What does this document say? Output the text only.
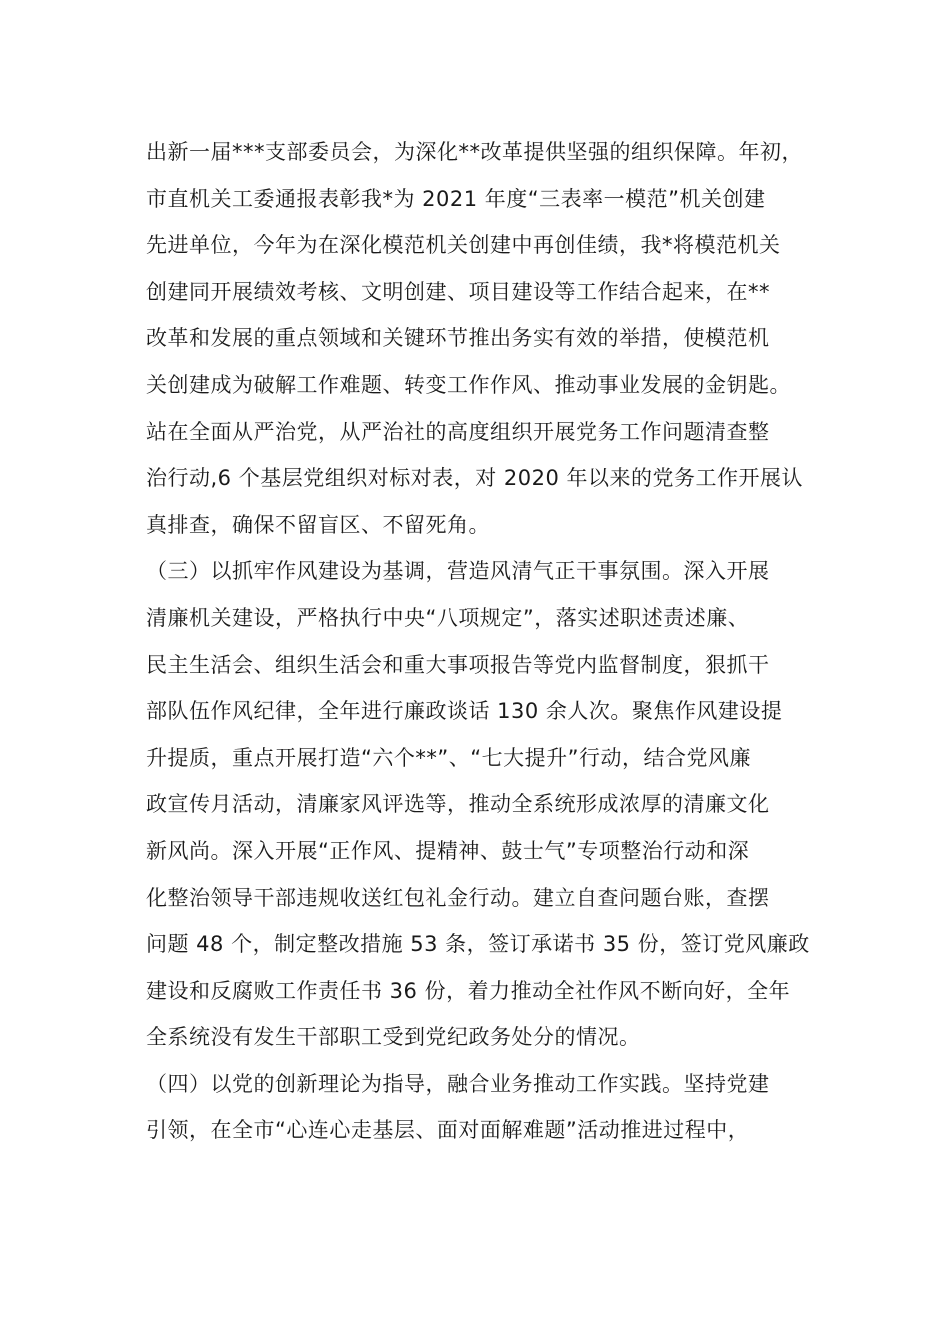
出新一届***支部委员会，为深化**改革提供坚强的组织保障。年初，
市直机关工委通报表彰我*为 2021 年度“三表率一模范”机关创建
先进单位，今年为在深化模范机关创建中再创佳绩，我*将模范机关
创建同开展绩效考核、文明创建、项目建设等工作结合起来，在**
改革和发展的重点领域和关键环节推出务实有效的举措，使模范机
关创建成为破解工作难题、转变工作作风、推动事业发展的金钥匙。
站在全面从严治党，从严治社的高度组织开展党务工作问题清查整
治行动,6 个基层党组织对标对表，对 2020 年以来的党务工作开展认
真排查，确保不留盲区、不留死角。
（三）以抓牢作风建设为基调，营造风清气正干事氛围。深入开展
清廉机关建设，严格执行中央“八项规定”，落实述职述责述廉、
民主生活会、组织生活会和重大事项报告等党内监督制度，狠抓干
部队伍作风纪律，全年进行廉政谈话 130 余人次。聚焦作风建设提
升提质，重点开展打造“六个**”、“七大提升”行动，结合党风廉
政宣传月活动，清廉家风评选等，推动全系统形成浓厚的清廉文化
新风尚。深入开展“正作风、提精神、鼓士气”专项整治行动和深
化整治领导干部违规收送红包礼金行动。建立自查问题台账，查摆
问题 48 个，制定整改措施 53 条，签订承诺书 35 份，签订党风廉政
建设和反腐败工作责任书 36 份，着力推动全社作风不断向好，全年
全系统没有发生干部职工受到党纪政务处分的情况。
（四）以党的创新理论为指导，融合业务推动工作实践。坚持党建
引领，在全市“心连心走基层、面对面解难题”活动推进过程中，
